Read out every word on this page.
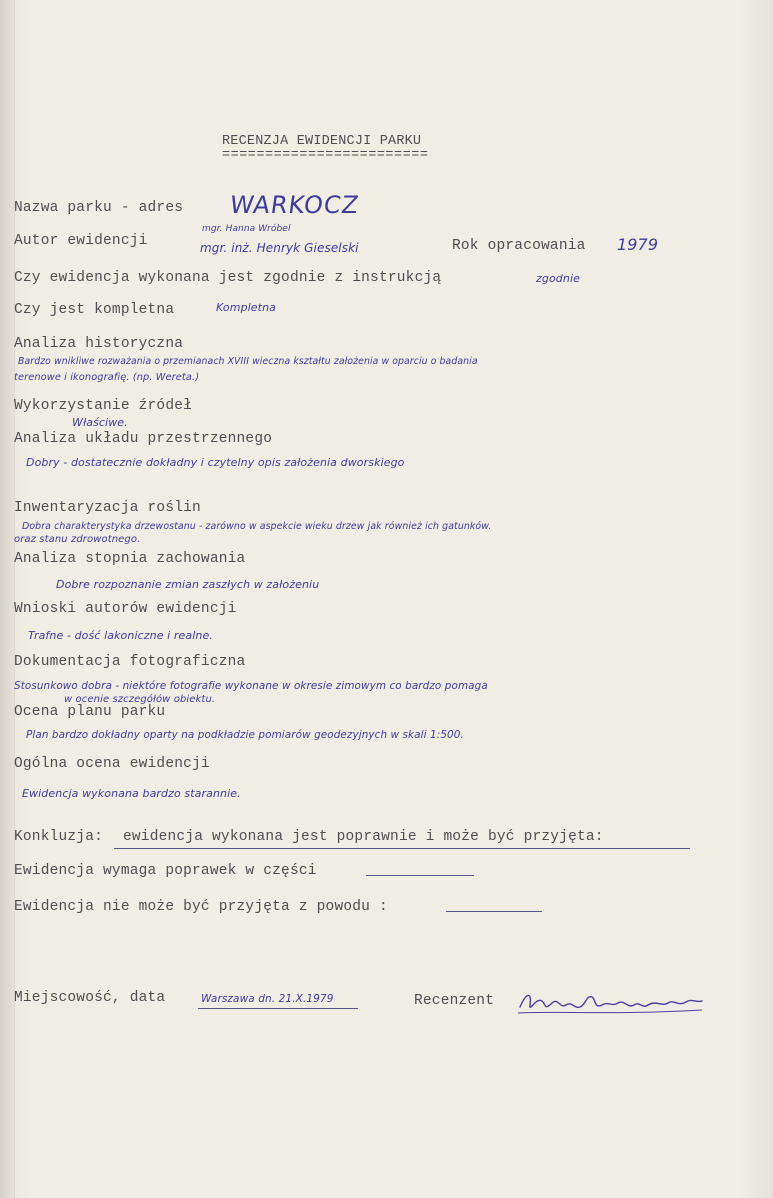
RECENZJA EWIDENCJI PARKU
========================
Nazwa parku - adres WARKOCZ
Autor ewidencji
mgr. Hanna Wróbel
mgr. inż. Henryk Gieselski	Rok opracowania 1979
Czy ewidencja wykonana jest zgodnie z instrukcją	zgodnie
Czy jest kompletna	Kompletna
Analiza historyczna
Bardzo wnikliwe rozważania o przemianach XVIII wieczna kształtu założenia w oparciu o badania
terenowe i ikonografię. (np. Wereta.)
Wykorzystanie źródeł
Właściwe.
Analiza układu przestrzennego
Dobry - dostatecznie dokładny i czytelny opis założenia dworskiego
Inwentaryzacja roślin
Dobra charakterystyka drzewostanu - zarówno w aspekcie wieku drzew jak również ich gatunków.
oraz stanu zdrowotnego.
Analiza stopnia zachowania
Dobre rozpoznanie zmian zaszłych w założeniu
Wnioski autorów ewidencji
Trafne - dość lakoniczne i realne.
Dokumentacja fotograficzna
Stosunkowo dobra - niektóre fotografie wykonane w okresie zimowym co bardzo pomaga
w ocenie szczegółów obiektu.
Ocena planu parku
Plan bardzo dokładny oparty na podkładzie pomiarów geodezyjnych w skali 1:500.
Ogólna ocena ewidencji
Ewidencja wykonana bardzo starannie.
Konkluzja: ewidencja wykonana jest poprawnie i może być przyjęta:
Ewidencja wymaga poprawek w części
Ewidencja nie może być przyjęta z powodu :
Miejscowość, data	Warszawa dn. 21.X.1979	Recenzent
